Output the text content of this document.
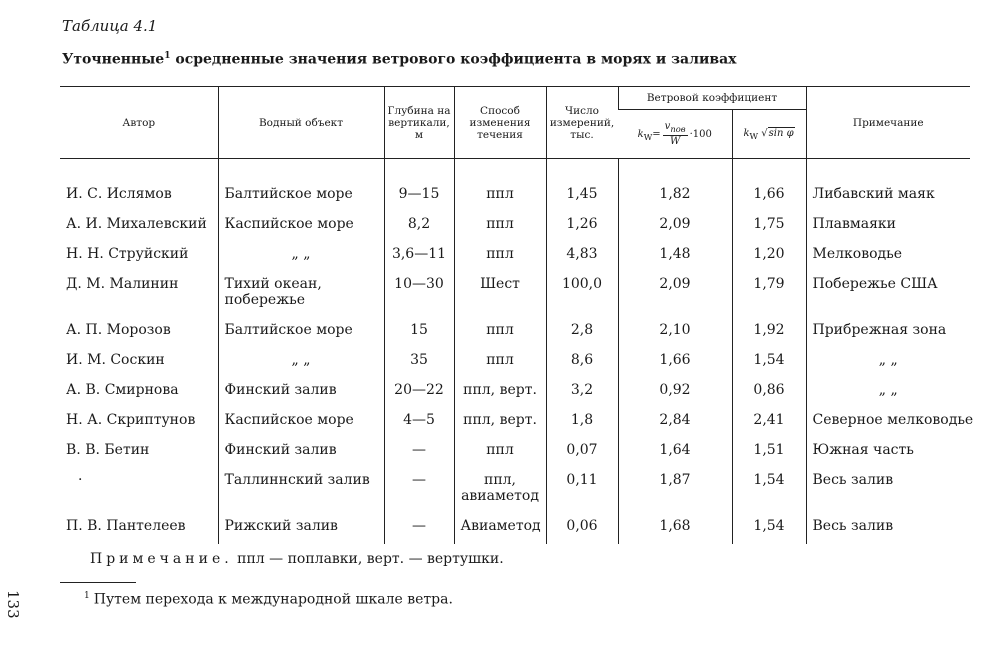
Таблица 4.1
Уточненные$^1$ осредненные значения ветрового коэффициента в морях и заливах
Автор	Водный объект	Глубина на вертикали, м	Способ изменения течения	Число измерений, тыс.	Ветровой коэффициент		Примечание
					$k_W= \frac{v_{пов}}{W} \cdot 100$	$k_W$ √sin φ	

И. С. Ислямов	Балтийское море	9—15	ппл	1,45	1,82	1,66	Либавский маяк
А. И. Михалевский	Каспийское море	8,2	ппл	1,26	2,09	1,75	Плавмаяки
Н. Н. Струйский	„ „	3,6—11	ппл	4,83	1,48	1,20	Мелководье
Д. М. Малинин	Тихий океан, побережье	10—30	Шест	100,0	2,09	1,79	Побережье США
А. П. Морозов	Балтийское море	15	ппл	2,8	2,10	1,92	Прибрежная зона
И. М. Соскин	„ „	35	ппл	8,6	1,66	1,54	„ „
А. В. Смирнова	Финский залив	20—22	ппл, верт.	3,2	0,92	0,86	„ „
Н. А. Скриптунов	Каспийское море	4—5	ппл, верт.	1,8	2,84	2,41	Северное мелководье
В. В. Бетин	Финский залив	—	ппл	0,07	1,64	1,51	Южная часть
·	Таллиннский залив	—	ппл, авиаметод	0,11	1,87	1,54	Весь залив
П. В. Пантелеев	Рижский залив	—	Авиаметод	0,06	1,68	1,54	Весь залив
Примечание. ппл — поплавки, верт. — вертушки.
$^1$ Путем перехода к международной шкале ветра.
133
